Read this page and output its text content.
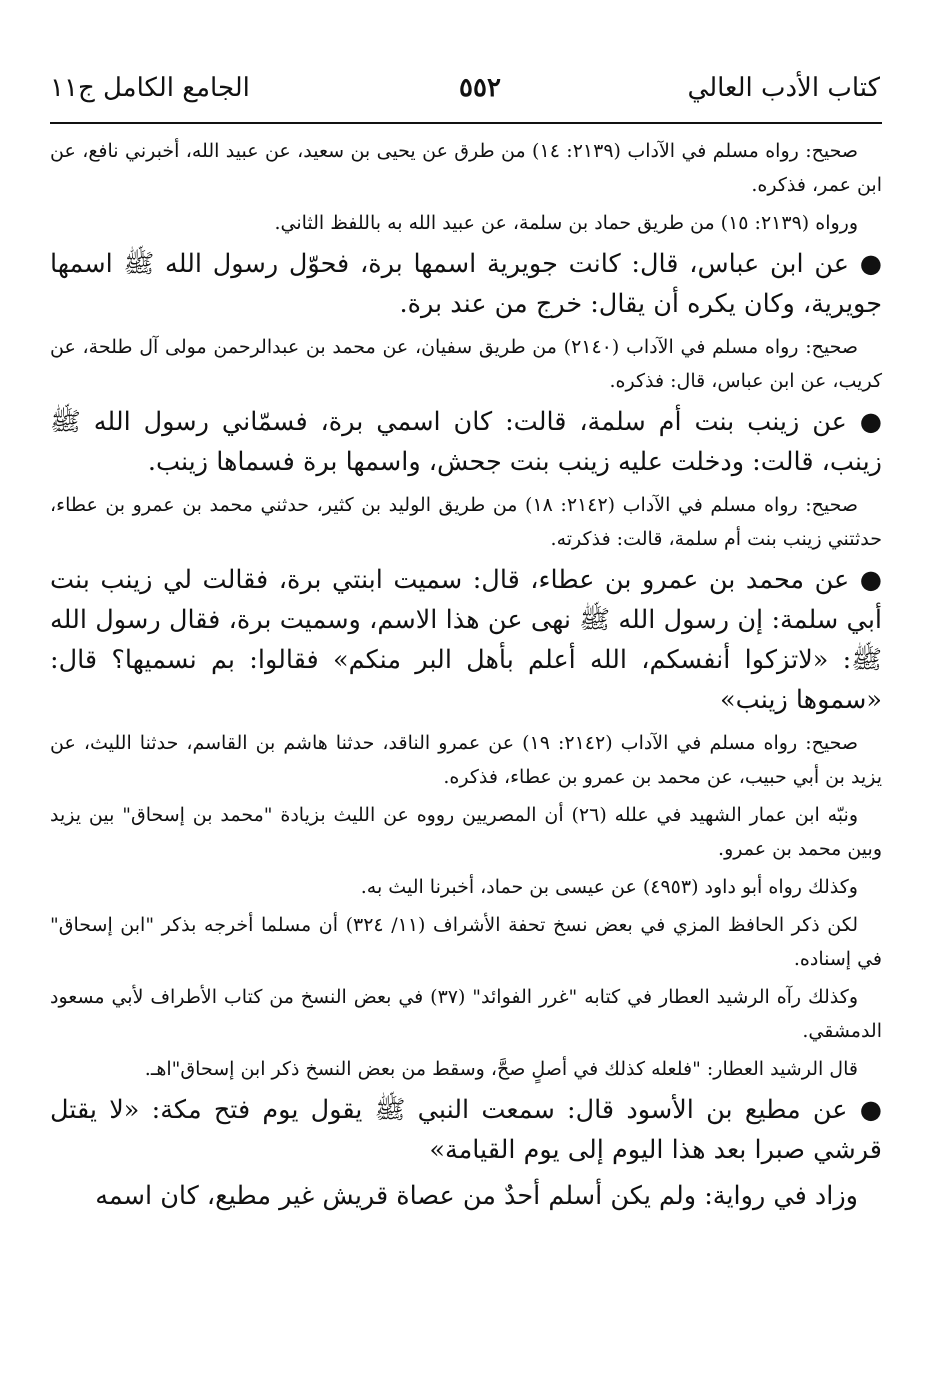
كتاب الأدب العالي
٥٥٢
الجامع الكامل ج١١

صحيح: رواه مسلم في الآداب (٢١٣٩: ١٤) من طرق عن يحيى بن سعيد، عن عبيد الله، أخبرني نافع، عن ابن عمر، فذكره.

ورواه (٢١٣٩: ١٥) من طريق حماد بن سلمة، عن عبيد الله به باللفظ الثاني.

● عن ابن عباس، قال: كانت جويرية اسمها برة، فحوّل رسول الله ﷺ اسمها جويرية، وكان يكره أن يقال: خرج من عند برة.

صحيح: رواه مسلم في الآداب (٢١٤٠) من طريق سفيان، عن محمد بن عبدالرحمن مولى آل طلحة، عن كريب، عن ابن عباس، قال: فذكره.

● عن زينب بنت أم سلمة، قالت: كان اسمي برة، فسمّاني رسول الله ﷺ زينب، قالت: ودخلت عليه زينب بنت جحش، واسمها برة فسماها زينب.

صحيح: رواه مسلم في الآداب (٢١٤٢: ١٨) من طريق الوليد بن كثير، حدثني محمد بن عمرو بن عطاء، حدثتني زينب بنت أم سلمة، قالت: فذكرته.

● عن محمد بن عمرو بن عطاء، قال: سميت ابنتي برة، فقالت لي زينب بنت أبي سلمة: إن رسول الله ﷺ نهى عن هذا الاسم، وسميت برة، فقال رسول الله ﷺ: «لاتزكوا أنفسكم، الله أعلم بأهل البر منكم» فقالوا: بم نسميها؟ قال: «سموها زينب»

صحيح: رواه مسلم في الآداب (٢١٤٢: ١٩) عن عمرو الناقد، حدثنا هاشم بن القاسم، حدثنا الليث، عن يزيد بن أبي حبيب، عن محمد بن عمرو بن عطاء، فذكره.

ونبّه ابن عمار الشهيد في علله (٢٦) أن المصريين رووه عن الليث بزيادة "محمد بن إسحاق" بين يزيد وبين محمد بن عمرو.

وكذلك رواه أبو داود (٤٩٥٣) عن عيسى بن حماد، أخبرنا اليث به.

لكن ذكر الحافظ المزي في بعض نسخ تحفة الأشراف (١١/ ٣٢٤) أن مسلما أخرجه بذكر "ابن إسحاق" في إسناده.

وكذلك رآه الرشيد العطار في كتابه "غرر الفوائد" (٣٧) في بعض النسخ من كتاب الأطراف لأبي مسعود الدمشقي.

قال الرشيد العطار: "فلعله كذلك في أصلٍ صحَّ، وسقط من بعض النسخ ذكر ابن إسحاق"اهـ.

● عن مطيع بن الأسود قال: سمعت النبي ﷺ يقول يوم فتح مكة: «لا يقتل قرشي صبرا بعد هذا اليوم إلى يوم القيامة»

وزاد في رواية: ولم يكن أسلم أحدٌ من عصاة قريش غير مطيع، كان اسمه
